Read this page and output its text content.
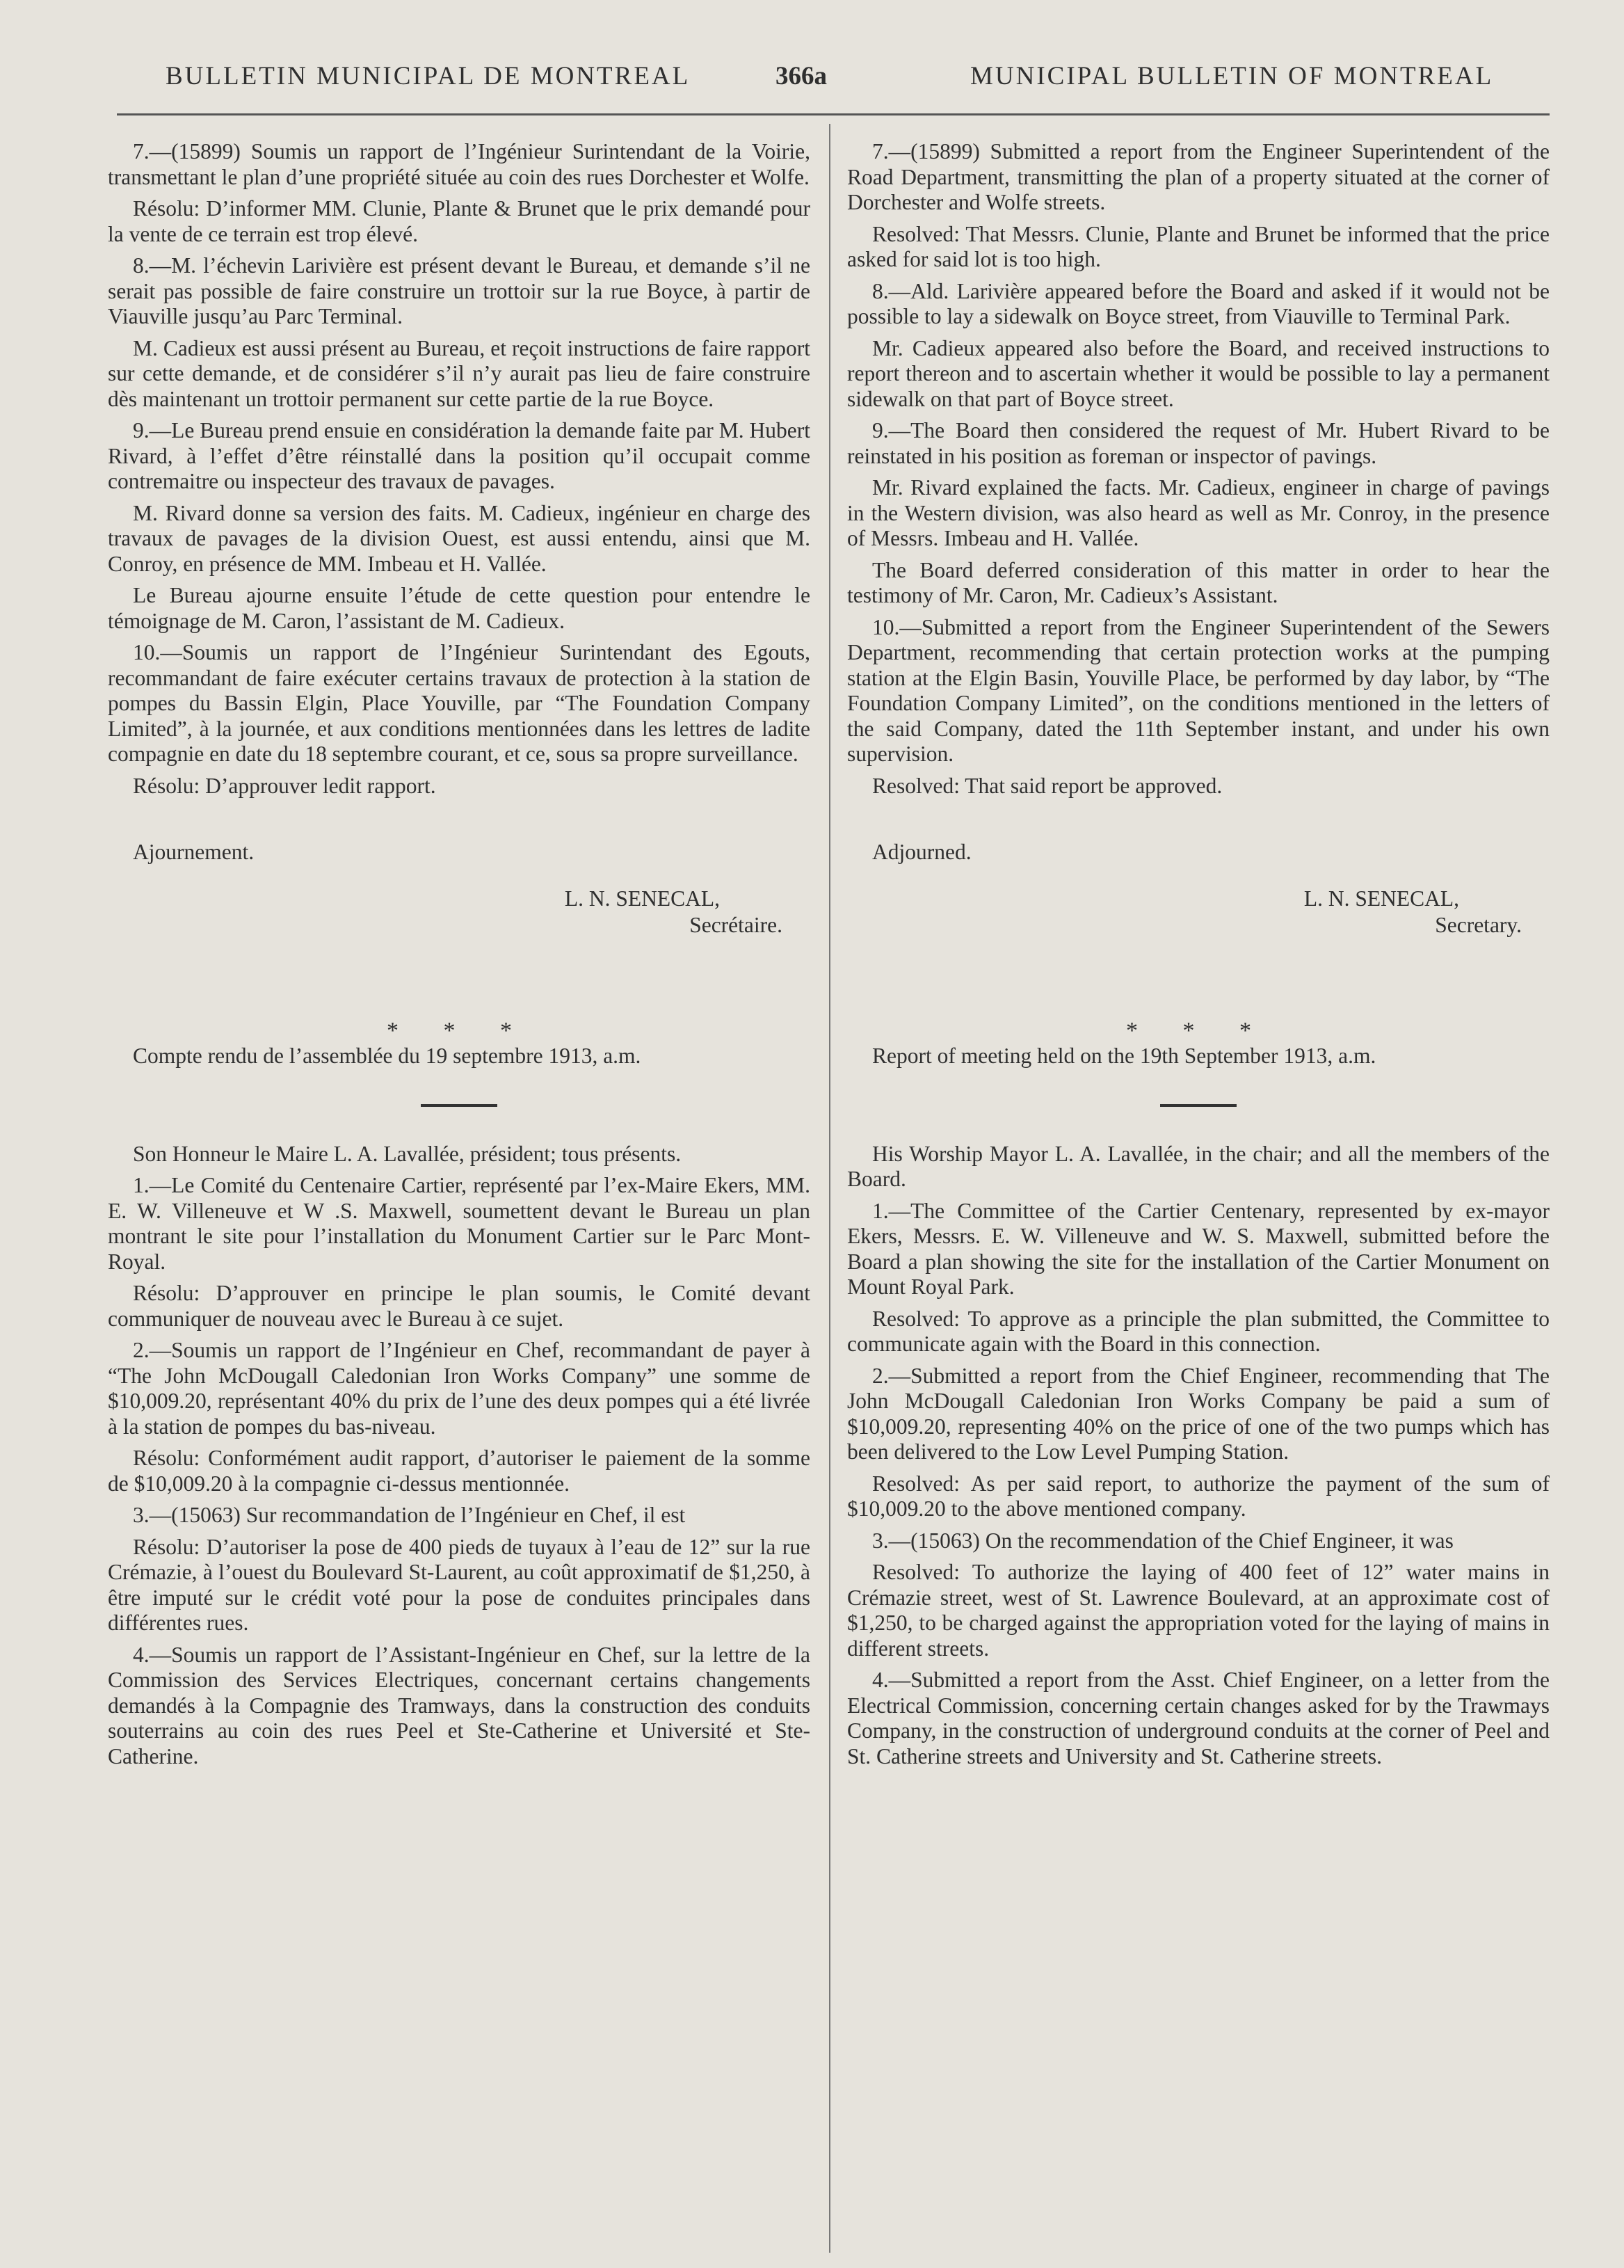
BULLETIN MUNICIPAL DE MONTREAL	366a	MUNICIPAL BULLETIN OF MONTREAL

7.—(15899) Soumis un rapport de l’Ingénieur Surintendant de la Voirie, transmettant le plan d’une propriété située au coin des rues Dorchester et Wolfe.

Résolu: D’informer MM. Clunie, Plante & Brunet que le prix demandé pour la vente de ce terrain est trop élevé.

8.—M. l’échevin Larivière est présent devant le Bureau, et demande s’il ne serait pas possible de faire construire un trottoir sur la rue Boyce, à partir de Viauville jusqu’au Parc Terminal.

M. Cadieux est aussi présent au Bureau, et reçoit instructions de faire rapport sur cette demande, et de considérer s’il n’y aurait pas lieu de faire construire dès maintenant un trottoir permanent sur cette partie de la rue Boyce.

9.—Le Bureau prend ensuie en considération la demande faite par M. Hubert Rivard, à l’effet d’être réinstallé dans la position qu’il occupait comme contremaitre ou inspecteur des travaux de pavages.

M. Rivard donne sa version des faits. M. Cadieux, ingénieur en charge des travaux de pavages de la division Ouest, est aussi entendu, ainsi que M. Conroy, en présence de MM. Imbeau et H. Vallée.

Le Bureau ajourne ensuite l’étude de cette question pour entendre le témoignage de M. Caron, l’assistant de M. Cadieux.

10.—Soumis un rapport de l’Ingénieur Surintendant des Egouts, recommandant de faire exécuter certains travaux de protection à la station de pompes du Bassin Elgin, Place Youville, par “The Foundation Company Limited”, à la journée, et aux conditions mentionnées dans les lettres de ladite compagnie en date du 18 septembre courant, et ce, sous sa propre surveillance.

Résolu: D’approuver ledit rapport.

Ajournement.

L. N. SENECAL,
Secrétaire.
* * *

Compte rendu de l’assemblée du 19 septembre 1913, a.m.

Son Honneur le Maire L. A. Lavallée, président; tous présents.

1.—Le Comité du Centenaire Cartier, représenté par l’ex-Maire Ekers, MM. E. W. Villeneuve et W .S. Maxwell, soumettent devant le Bureau un plan montrant le site pour l’installation du Monument Cartier sur le Parc Mont-Royal.

Résolu: D’approuver en principe le plan soumis, le Comité devant communiquer de nouveau avec le Bureau à ce sujet.

2.—Soumis un rapport de l’Ingénieur en Chef, recommandant de payer à “The John McDougall Caledonian Iron Works Company” une somme de $10,009.20, représentant 40% du prix de l’une des deux pompes qui a été livrée à la station de pompes du bas-niveau.

Résolu: Conformément audit rapport, d’autoriser le paiement de la somme de $10,009.20 à la compagnie ci-dessus mentionnée.

3.—(15063) Sur recommandation de l’Ingénieur en Chef, il est

Résolu: D’autoriser la pose de 400 pieds de tuyaux à l’eau de 12” sur la rue Crémazie, à l’ouest du Boulevard St-Laurent, au coût approximatif de $1,250, à être imputé sur le crédit voté pour la pose de conduites principales dans différentes rues.

4.—Soumis un rapport de l’Assistant-Ingénieur en Chef, sur la lettre de la Commission des Services Electriques, concernant certains changements demandés à la Compagnie des Tramways, dans la construction des conduits souterrains au coin des rues Peel et Ste-Catherine et Université et Ste-Catherine.

7.—(15899) Submitted a report from the Engineer Superintendent of the Road Department, transmitting the plan of a property situated at the corner of Dorchester and Wolfe streets.

Resolved: That Messrs. Clunie, Plante and Brunet be informed that the price asked for said lot is too high.

8.—Ald. Larivière appeared before the Board and asked if it would not be possible to lay a sidewalk on Boyce street, from Viauville to Terminal Park.

Mr. Cadieux appeared also before the Board, and received instructions to report thereon and to ascertain whether it would be possible to lay a permanent sidewalk on that part of Boyce street.

9.—The Board then considered the request of Mr. Hubert Rivard to be reinstated in his position as foreman or inspector of pavings.

Mr. Rivard explained the facts. Mr. Cadieux, engineer in charge of pavings in the Western division, was also heard as well as Mr. Conroy, in the presence of Messrs. Imbeau and H. Vallée.

The Board deferred consideration of this matter in order to hear the testimony of Mr. Caron, Mr. Cadieux’s Assistant.

10.—Submitted a report from the Engineer Superintendent of the Sewers Department, recommending that certain protection works at the pumping station at the Elgin Basin, Youville Place, be performed by day labor, by “The Foundation Company Limited”, on the conditions mentioned in the letters of the said Company, dated the 11th September instant, and under his own supervision.

Resolved: That said report be approved.

Adjourned.

L. N. SENECAL,
Secretary.
* * *

Report of meeting held on the 19th September 1913, a.m.

His Worship Mayor L. A. Lavallée, in the chair; and all the members of the Board.

1.—The Committee of the Cartier Centenary, represented by ex-mayor Ekers, Messrs. E. W. Villeneuve and W. S. Maxwell, submitted before the Board a plan showing the site for the installation of the Cartier Monument on Mount Royal Park.

Resolved: To approve as a principle the plan submitted, the Committee to communicate again with the Board in this connection.

2.—Submitted a report from the Chief Engineer, recommending that The John McDougall Caledonian Iron Works Company be paid a sum of $10,009.20, representing 40% on the price of one of the two pumps which has been delivered to the Low Level Pumping Station.

Resolved: As per said report, to authorize the payment of the sum of $10,009.20 to the above mentioned company.

3.—(15063) On the recommendation of the Chief Engineer, it was

Resolved: To authorize the laying of 400 feet of 12” water mains in Crémazie street, west of St. Lawrence Boulevard, at an approximate cost of $1,250, to be charged against the appropriation voted for the laying of mains in different streets.

4.—Submitted a report from the Asst. Chief Engineer, on a letter from the Electrical Commission, concerning certain changes asked for by the Trawmays Company, in the construction of underground conduits at the corner of Peel and St. Catherine streets and University and St. Catherine streets.
